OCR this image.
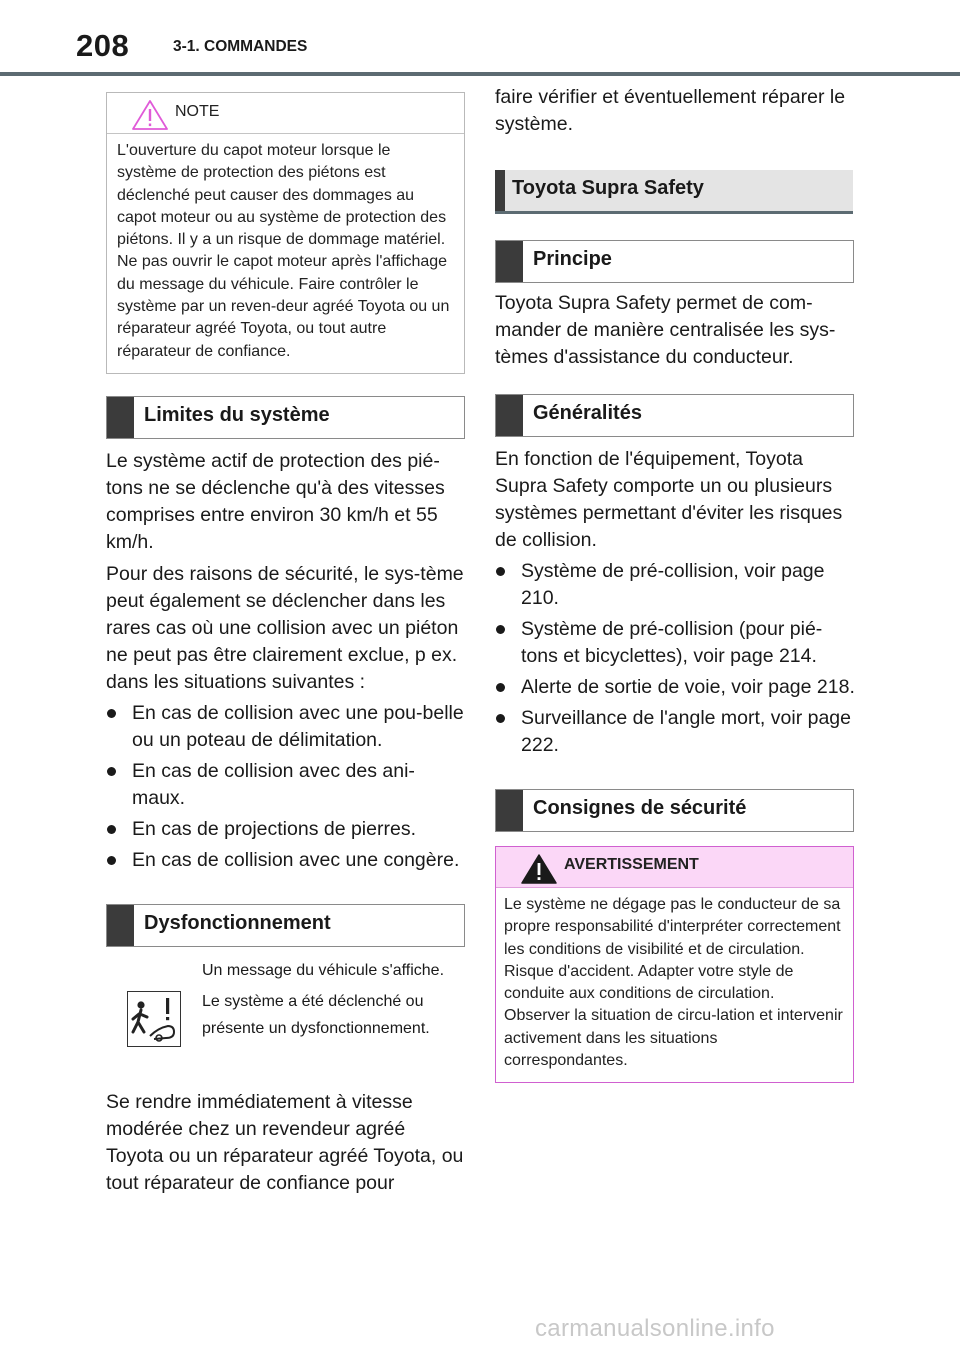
208	3-1. COMMANDES
NOTE
L'ouverture du capot moteur lorsque le système de protection des piétons est déclenché peut causer des dommages au capot moteur ou au système de protection des piétons. Il y a un risque de dommage matériel. Ne pas ouvrir le capot moteur après l'affichage du message du véhicule. Faire contrôler le système par un reven-deur agréé Toyota ou un réparateur agréé Toyota, ou tout autre réparateur de confiance.
Limites du système

Le système actif de protection des pié-tons ne se déclenche qu'à des vitesses comprises entre environ 30 km/h et 55 km/h.

Pour des raisons de sécurité, le sys-tème peut également se déclencher dans les rares cas où une collision avec un piéton ne peut pas être clairement exclue, p ex. dans les situations suivantes :

En cas de collision avec une pou-belle ou un poteau de délimitation.
En cas de collision avec des ani-maux.
En cas de projections de pierres.
En cas de collision avec une congère.
Dysfonctionnement

Un message du véhicule s'affiche.

Le système a été déclenché ou présente un dysfonctionnement.

Se rendre immédiatement à vitesse modérée chez un revendeur agréé Toyota ou un réparateur agréé Toyota, ou tout réparateur de confiance pour

faire vérifier et éventuellement réparer le système.

Toyota Supra Safety
Principe

Toyota Supra Safety permet de com-mander de manière centralisée les sys-tèmes d'assistance du conducteur.

Généralités

En fonction de l'équipement, Toyota Supra Safety comporte un ou plusieurs systèmes permettant d'éviter les risques de collision.

Système de pré-collision, voir page 210.
Système de pré-collision (pour pié-tons et bicyclettes), voir page 214.
Alerte de sortie de voie, voir page 218.
Surveillance de l'angle mort, voir page 222.
Consignes de sécurité
AVERTISSEMENT
Le système ne dégage pas le conducteur de sa propre responsabilité d'interpréter correctement les conditions de visibilité et de circulation. Risque d'accident. Adapter votre style de conduite aux conditions de circulation. Observer la situation de circu-lation et intervenir activement dans les situations correspondantes.
carmanualsonline.info
